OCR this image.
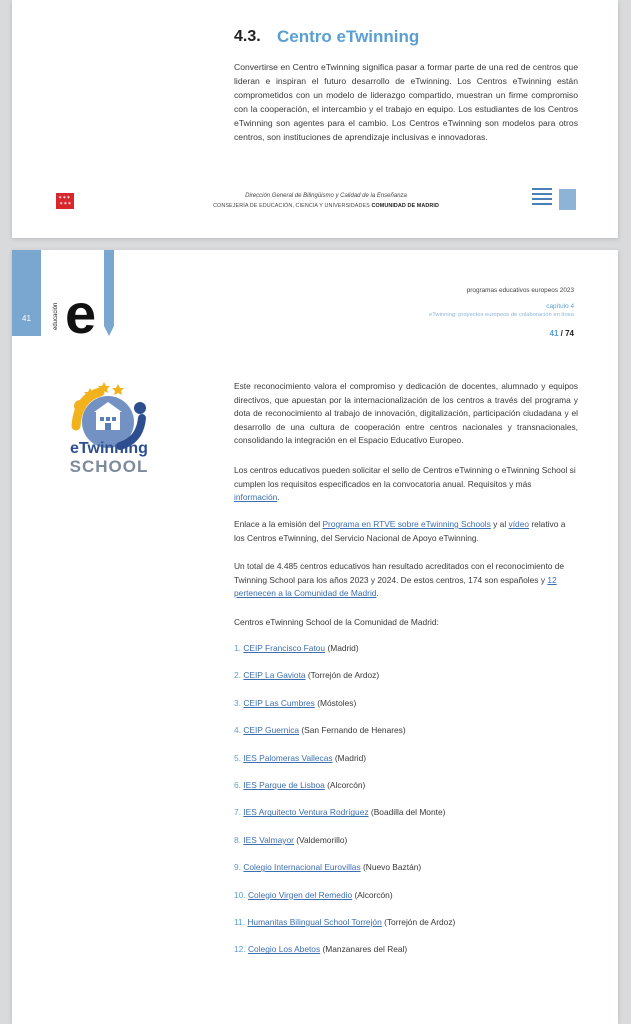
4.3. Centro eTwinning

Convertirse en Centro eTwinning significa pasar a formar parte de una red de centros que lideran e inspiran el futuro desarrollo de eTwinning. Los Centros eTwinning están comprometidos con un modelo de liderazgo compartido, muestran un firme compromiso con la cooperación, el intercambio y el trabajo en equipo. Los estudiantes de los Centros eTwinning son agentes para el cambio. Los Centros eTwinning son modelos para otros centros, son instituciones de aprendizaje inclusivas e innovadoras.

✶✶✶
✶✶✶
Dirección General de Bilingüismo y Calidad de la Enseñanza
CONSEJERÍA DE EDUCACIÓN, CIENCIA Y UNIVERSIDADES COMUNIDAD DE MADRID
41	educación e	programas educativos europeos 2023
capítulo 4
eTwinning: proyectos europeos de colaboración en línea
41 / 74
eTwinning
SCHOOL

Este reconocimiento valora el compromiso y dedicación de docentes, alumnado y equipos directivos, que apuestan por la internacionalización de los centros a través del programa y dota de reconocimiento al trabajo de innovación, digitalización, participación ciudadana y el desarrollo de una cultura de cooperación entre centros nacionales y transnacionales, consolidando la integración en el Espacio Educativo Europeo.

Los centros educativos pueden solicitar el sello de Centros eTwinning o eTwinning School si cumplen los requisitos especificados en la convocatoria anual. Requisitos y más información.

Enlace a la emisión del Programa en RTVE sobre eTwinning Schools y al vídeo relativo a los Centros eTwinning, del Servicio Nacional de Apoyo eTwinning.

Un total de 4.485 centros educativos han resultado acreditados con el reconocimiento de Twinning School para los años 2023 y 2024. De estos centros, 174 son españoles y 12 pertenecen a la Comunidad de Madrid.

Centros eTwinning School de la Comunidad de Madrid:

1. CEIP Francisco Fatou (Madrid)
2. CEIP La Gaviota (Torrejón de Ardoz)
3. CEIP Las Cumbres (Móstoles)
4. CEIP Guernica (San Fernando de Henares)
5. IES Palomeras Vallecas (Madrid)
6. IES Parque de Lisboa (Alcorcón)
7. IES Arquitecto Ventura Rodríguez (Boadilla del Monte)
8. IES Valmayor (Valdemorillo)
9. Colegio Internacional Eurovillas (Nuevo Baztán)
10. Colegio Virgen del Remedio (Alcorcón)
11. Humanitas Bilingual School Torrejón (Torrejón de Ardoz)
12. Colegio Los Abetos (Manzanares del Real)
